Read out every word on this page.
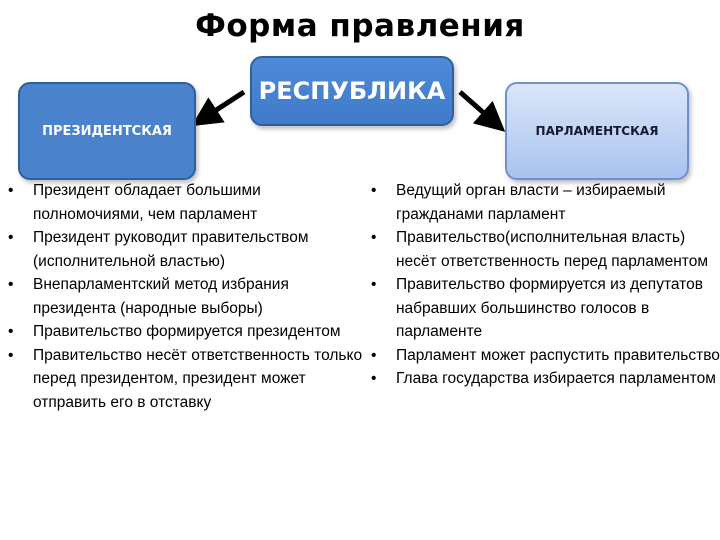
Форма правления
РЕСПУБЛИКА
ПРЕЗИДЕНТСКАЯ	ПАРЛАМЕНТСКАЯ
• Президент обладает большими полномочиями, чем парламент
• Президент руководит правительством (исполнительной властью)
• Внепарламентский метод избрания президента (народные выборы)
• Правительство формируется президентом
• Правительство несёт ответственность только перед президентом, президент может отправить его в отставку
• Ведущий орган власти – избираемый гражданами парламент
• Правительство(исполнительная власть) несёт ответственность перед парламентом
• Правительство формируется из депутатов набравших большинство голосов в парламенте
• Парламент может распустить правительство
• Глава государства избирается парламентом
